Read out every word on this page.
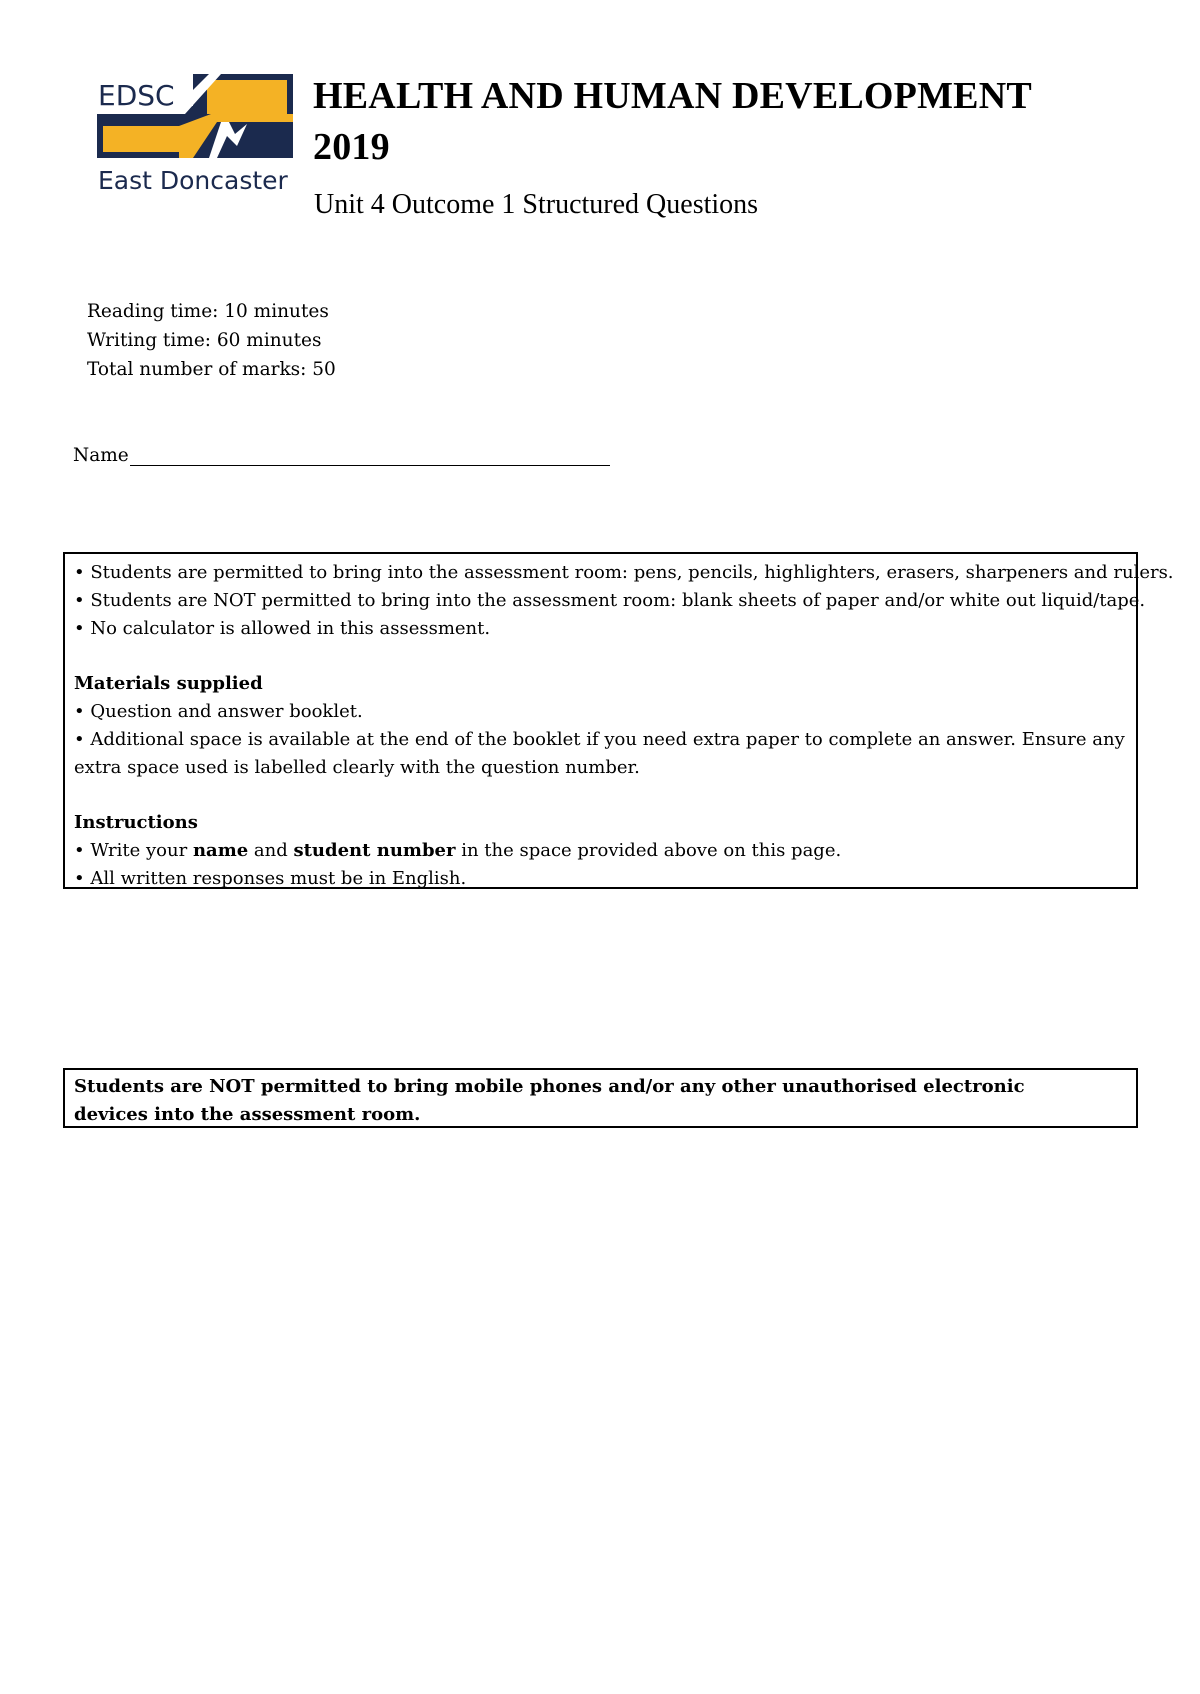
EDSC
East Doncaster
HEALTH AND HUMAN DEVELOPMENT
2019
Unit 4 Outcome 1 Structured Questions
Reading time: 10 minutes
Writing time: 60 minutes
Total number of marks: 50
Name

• Students are permitted to bring into the assessment room: pens, pencils, highlighters, erasers, sharpeners and rulers.

• Students are NOT permitted to bring into the assessment room: blank sheets of paper and/or white out liquid/tape.

• No calculator is allowed in this assessment.

Materials supplied

• Question and answer booklet.

• Additional space is available at the end of the booklet if you need extra paper to complete an answer. Ensure any extra space used is labelled clearly with the question number.

Instructions

• Write your name and student number in the space provided above on this page.

• All written responses must be in English.

Students are NOT permitted to bring mobile phones and/or any other unauthorised electronic

devices into the assessment room.
